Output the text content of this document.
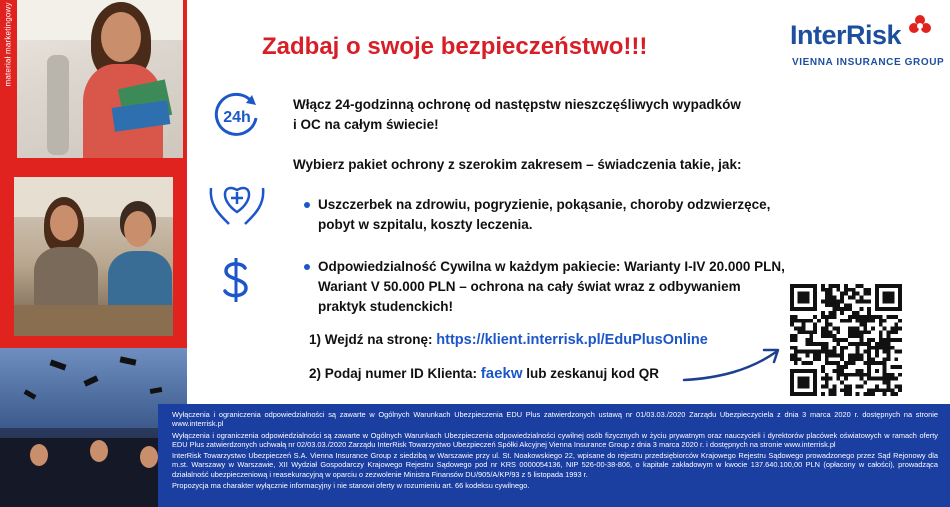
materiał marketingowy	Zadbaj o swoje bezpieczeństwo!!!	InterRisk
VIENNA INSURANCE GROUP
24h
Włącz 24-godzinną ochronę od następstw nieszczęśliwych wypadków
i OC na całym świecie!
Wybierz pakiet ochrony z szerokim zakresem – świadczenia takie, jak:
Uszczerbek na zdrowiu, pogryzienie, pokąsanie, choroby odzwierzęce,
pobyt w szpitalu, koszty leczenia.
Odpowiedzialność Cywilna w każdym pakiecie: Warianty I-IV 20.000 PLN,
Wariant V 50.000 PLN – ochrona na cały świat wraz z odbywaniem
praktyk studenckich!
1) Wejdź na stronę: https://klient.interrisk.pl/EduPlusOnline
2) Podaj numer ID Klienta: faekw lub zeskanuj kod QR

Wyłączenia i ograniczenia odpowiedzialności są zawarte w Ogólnych Warunkach Ubezpieczenia EDU Plus zatwierdzonych ustawą nr 01/03.03./2020 Zarządu Ubezpieczyciela z dnia 3 marca 2020 r. dostępnych na stronie www.interrisk.pl

Wyłączenia i ograniczenia odpowiedzialności są zawarte w Ogólnych Warunkach Ubezpieczenia odpowiedzialności cywilnej osób fizycznych w życiu prywatnym oraz nauczycieli i dyrektorów placówek oświatowych w ramach oferty EDU Plus zatwierdzonych uchwałą nr 02/03.03./2020 Zarządu InterRisk Towarzystwo Ubezpieczeń Spółki Akcyjnej Vienna Insurance Group z dnia 3 marca 2020 r. i dostępnych na stronie www.interrisk.pl

InterRisk Towarzystwo Ubezpieczeń S.A. Vienna Insurance Group z siedzibą w Warszawie przy ul. St. Noakowskiego 22, wpisane do rejestru przedsiębiorców Krajowego Rejestru Sądowego prowadzonego przez Sąd Rejonowy dla m.st. Warszawy w Warszawie, XII Wydział Gospodarczy Krajowego Rejestru Sądowego pod nr KRS 0000054136, NIP 526-00-38-806, o kapitale zakładowym w kwocie 137.640.100,00 PLN (opłacony w całości), prowadząca działalność ubezpieczeniową i reasekuracyjną w oparciu o zezwolenie Ministra Finansów DU/905/A/KP/93 z 5 listopada 1993 r.

Propozycja ma charakter wyłącznie informacyjny i nie stanowi oferty w rozumieniu art. 66 kodeksu cywilnego.
